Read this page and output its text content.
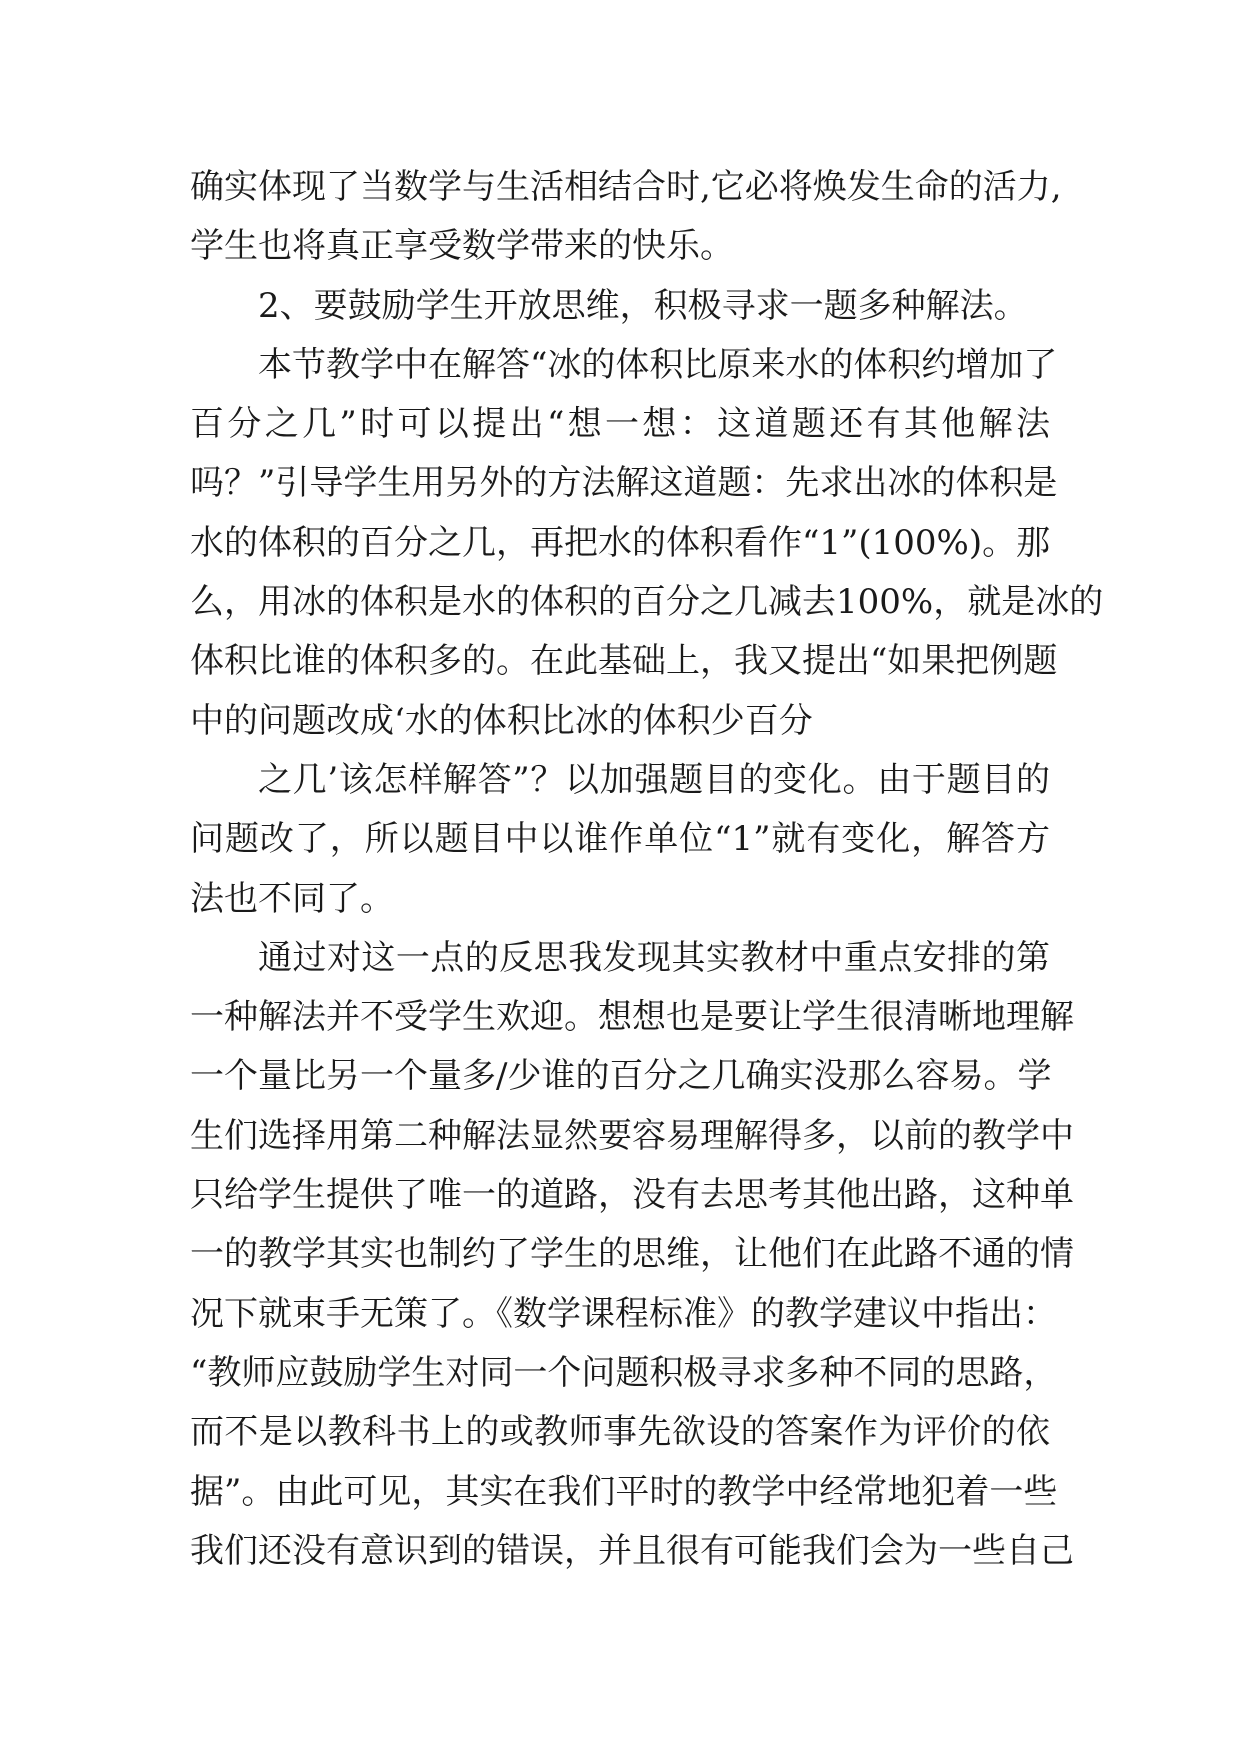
确实体现了当数学与生活相结合时,它必将焕发生命的活力,
学生也将真正享受数学带来的快乐。
2、要鼓励学生开放思维，积极寻求一题多种解法。
本节教学中在解答“冰的体积比原来水的体积约增加了
百分之几”时可以提出“想一想：这道题还有其他解法
吗？”引导学生用另外的方法解这道题：先求出冰的体积是
水的体积的百分之几，再把水的体积看作“1”(100%)。那
么，用冰的体积是水的体积的百分之几减去100%，就是冰的
体积比谁的体积多的。在此基础上，我又提出“如果把例题
中的问题改成‘水的体积比冰的体积少百分
之几’该怎样解答”？以加强题目的变化。由于题目的
问题改了，所以题目中以谁作单位“1”就有变化，解答方
法也不同了。
通过对这一点的反思我发现其实教材中重点安排的第
一种解法并不受学生欢迎。想想也是要让学生很清晰地理解
一个量比另一个量多/少谁的百分之几确实没那么容易。学
生们选择用第二种解法显然要容易理解得多，以前的教学中
只给学生提供了唯一的道路，没有去思考其他出路，这种单
一的教学其实也制约了学生的思维，让他们在此路不通的情
况下就束手无策了。《数学课程标准》的教学建议中指出：
“教师应鼓励学生对同一个问题积极寻求多种不同的思路，
而不是以教科书上的或教师事先欲设的答案作为评价的依
据”。由此可见，其实在我们平时的教学中经常地犯着一些
我们还没有意识到的错误，并且很有可能我们会为一些自己
